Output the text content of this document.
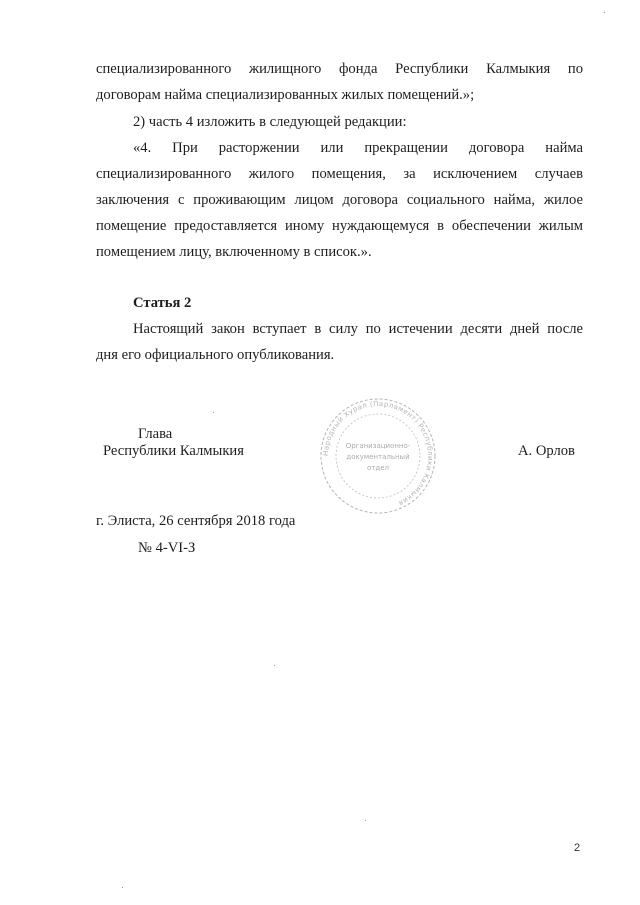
специализированного жилищного фонда Республики Калмыкия по
договорам найма специализированных жилых помещений.»;
2) часть 4 изложить в следующей редакции:
«4. При расторжении или прекращении договора найма
специализированного жилого помещения, за исключением случаев
заключения с проживающим лицом договора социального найма, жилое
помещение предоставляется иному нуждающемуся в обеспечении жилым
помещением лицу, включенному в список.».
Статья 2
Настоящий закон вступает в силу по истечении десяти дней после
дня его официального опубликования.
Глава
Республики Калмыкия	А. Орлов
Народный Хурал (Парламент) Республики Калмыкия
Организационно-
документальный
отдел
г. Элиста, 26 сентября 2018 года
№ 4-VI-З
2
